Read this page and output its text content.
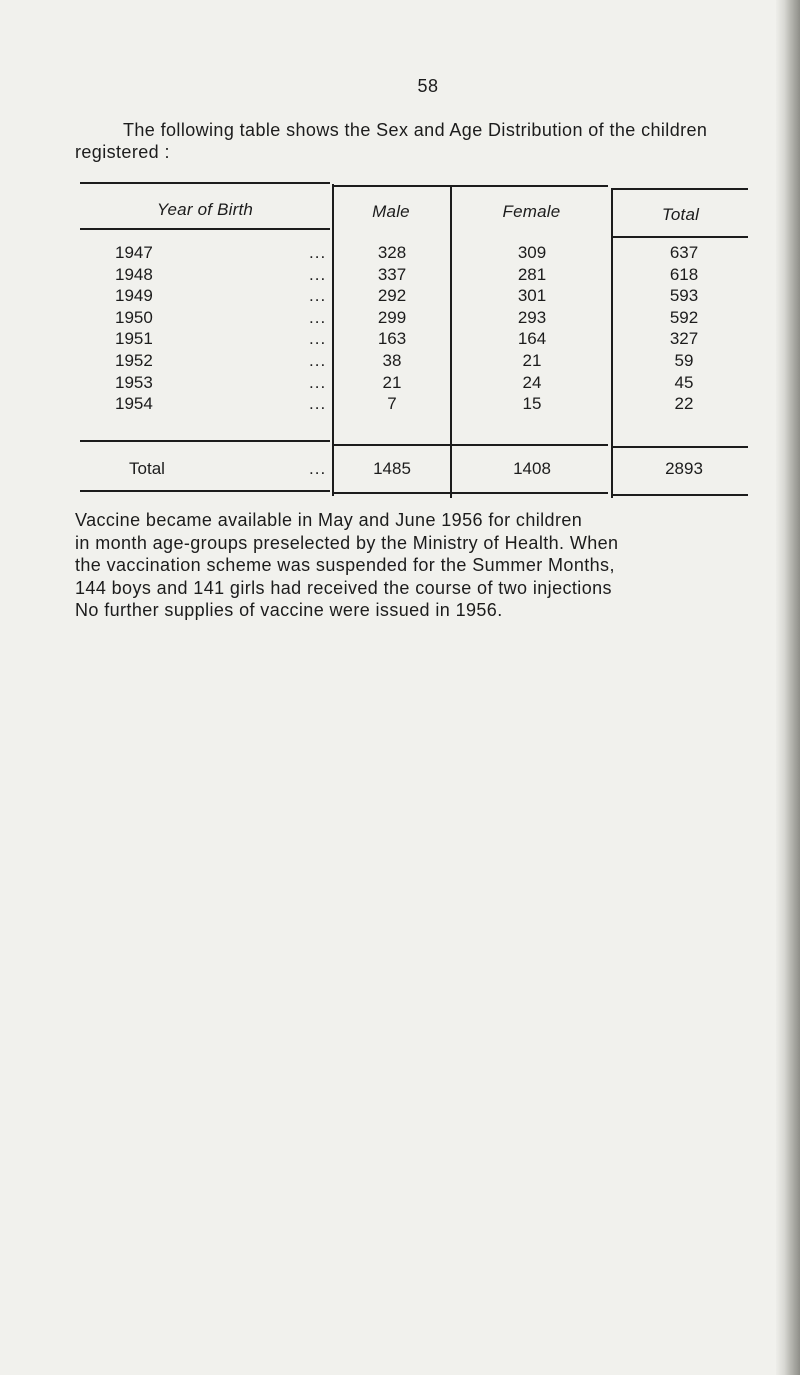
58

The following table shows the Sex and Age Distribution of the children registered :

Year of Birth	Male	Female	Total
1947	...	328	309	637
1948	...	337	281	618
1949	...	292	301	593
1950	...	299	293	592
1951	...	163	164	327
1952	...	38	21	59
1953	...	21	24	45
1954	...	7	15	22
Total	...	1485	1408	2893
Vaccine became available in May and June 1956 for children
in month age-groups preselected by the Ministry of Health. When
the vaccination scheme was suspended for the Summer Months,
144 boys and 141 girls had received the course of two injections
No further supplies of vaccine were issued in 1956.
